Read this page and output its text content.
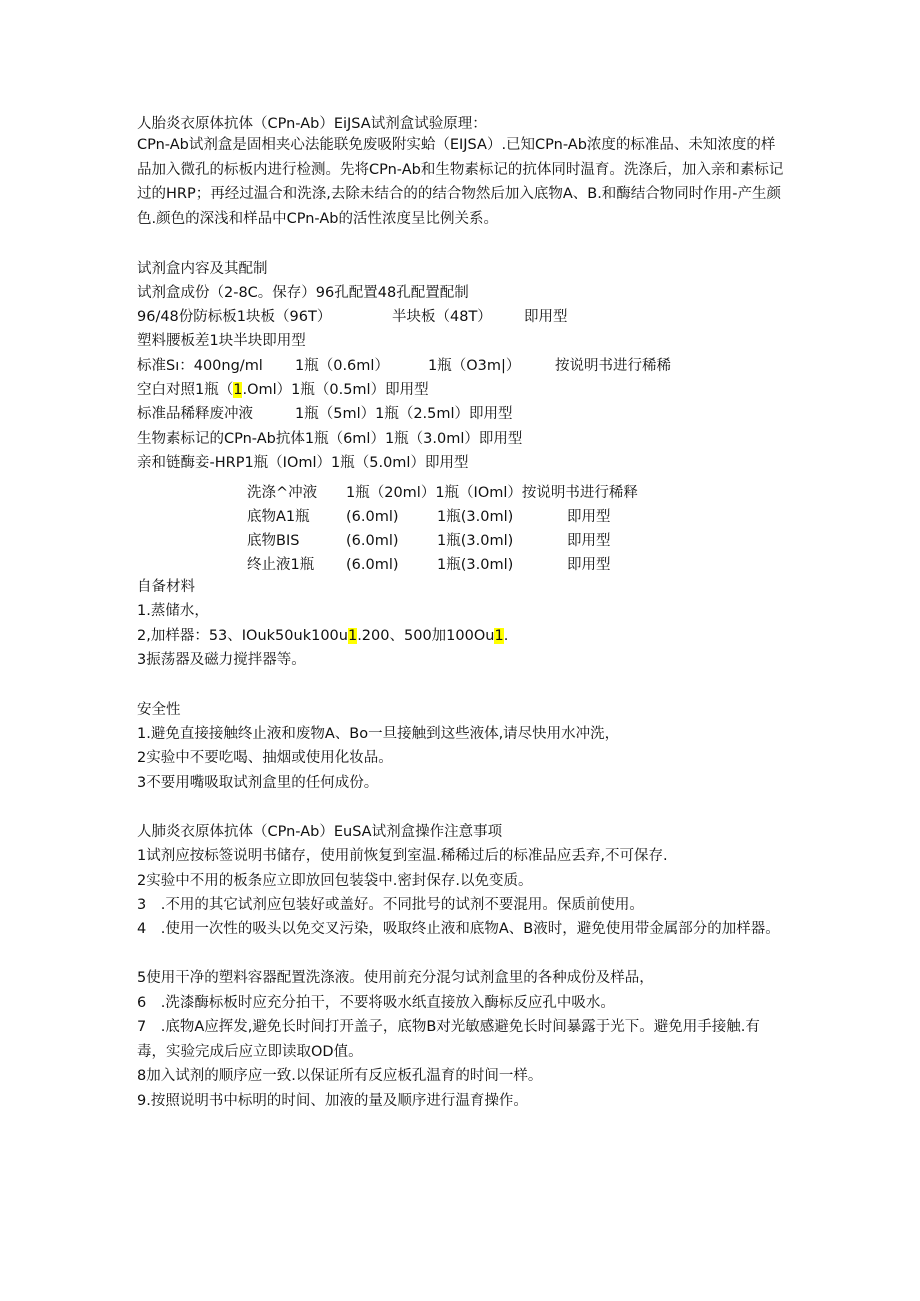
人胎炎衣原体抗体（CPn-Ab）EiJSA试剂盒试验原理：
CPn-Ab试剂盒是固相夹心法能联免废吸附实蛤（EIJSA）.已知CPn-Ab浓度的标准品、未知浓度的样品加入微孔的标板内进行检测。先将CPn-Ab和生物素标记的抗体同时温育。洗涤后，加入亲和素标记过的HRP；再经过温合和洗涤,去除未结合的的结合物然后加入底物A、B.和酶结合物同时作用-产生颜色.颜色的深浅和样品中CPn-Ab的活性浓度呈比例关系。
试剂盒内容及其配制
试剂盒成份（2-8C。保存）96孔配置48孔配置配制
96/48份防标板1块板（96T）	半块板（48T） 即用型
塑料腰板差1块半块即用型
标准Sı：400ng/ml 1瓶（0.6ml）	1瓶（O3m|） 按说明书进行稀稀
空白对照1瓶（1.Oml）1瓶（0.5ml）即用型
标准品稀释废冲液	1瓶（5ml）1瓶（2.5ml）即用型
生物素标记的CPn-Ab抗体1瓶（6ml）1瓶（3.0ml）即用型
亲和链酶妾-HRP1瓶（IOml）1瓶（5.0ml）即用型
洗涤^冲液 1瓶（20ml）1瓶（IOml）按说明书进行稀释
底物A1瓶	(6.0ml)	1瓶(3.0ml)	即用型
底物BIS	(6.0ml)	1瓶(3.0ml)	即用型
终止液1瓶 (6.0ml)	1瓶(3.0ml)	即用型
自备材料
1.蒸储水，
2,加样器：53、IOuk50uk100u1.200、500加100Ou1.
3振荡器及磁力搅拌器等。
安全性
1.避免直接接触终止液和废物A、Bo一旦接触到这些液体,请尽快用水冲洗，
2实验中不要吃喝、抽烟或使用化妆品。
3不要用嘴吸取试剂盒里的任何成份。
人肺炎衣原体抗体（CPn-Ab）EuSA试剂盒操作注意事项
1试剂应按标签说明书储存，使用前恢复到室温.稀稀过后的标准品应丢弃,不可保存.
2实验中不用的板条应立即放回包装袋中.密封保存.以免变质。
3　.不用的其它试剂应包装好或盖好。不同批号的试剂不要混用。保质前使用。
4　.使用一次性的吸头以免交叉污染，吸取终止液和底物A、B液时，避免使用带金属部分的加样器。
5使用干净的塑料容器配置洗涤液。使用前充分混匀试剂盒里的各种成份及样品，
6　.洗漆酶标板时应充分拍干，不要将吸水纸直接放入酶标反应孔中吸水。
7　.底物A应挥发,避免长时间打开盖子，底物B对光敏感避免长时间暴露于光下。避免用手接触.有毒，实验完成后应立即读取OD值。
8加入试剂的顺序应一致.以保证所有反应板孔温育的时间一样。
9.按照说明书中标明的时间、加液的量及顺序进行温育操作。
